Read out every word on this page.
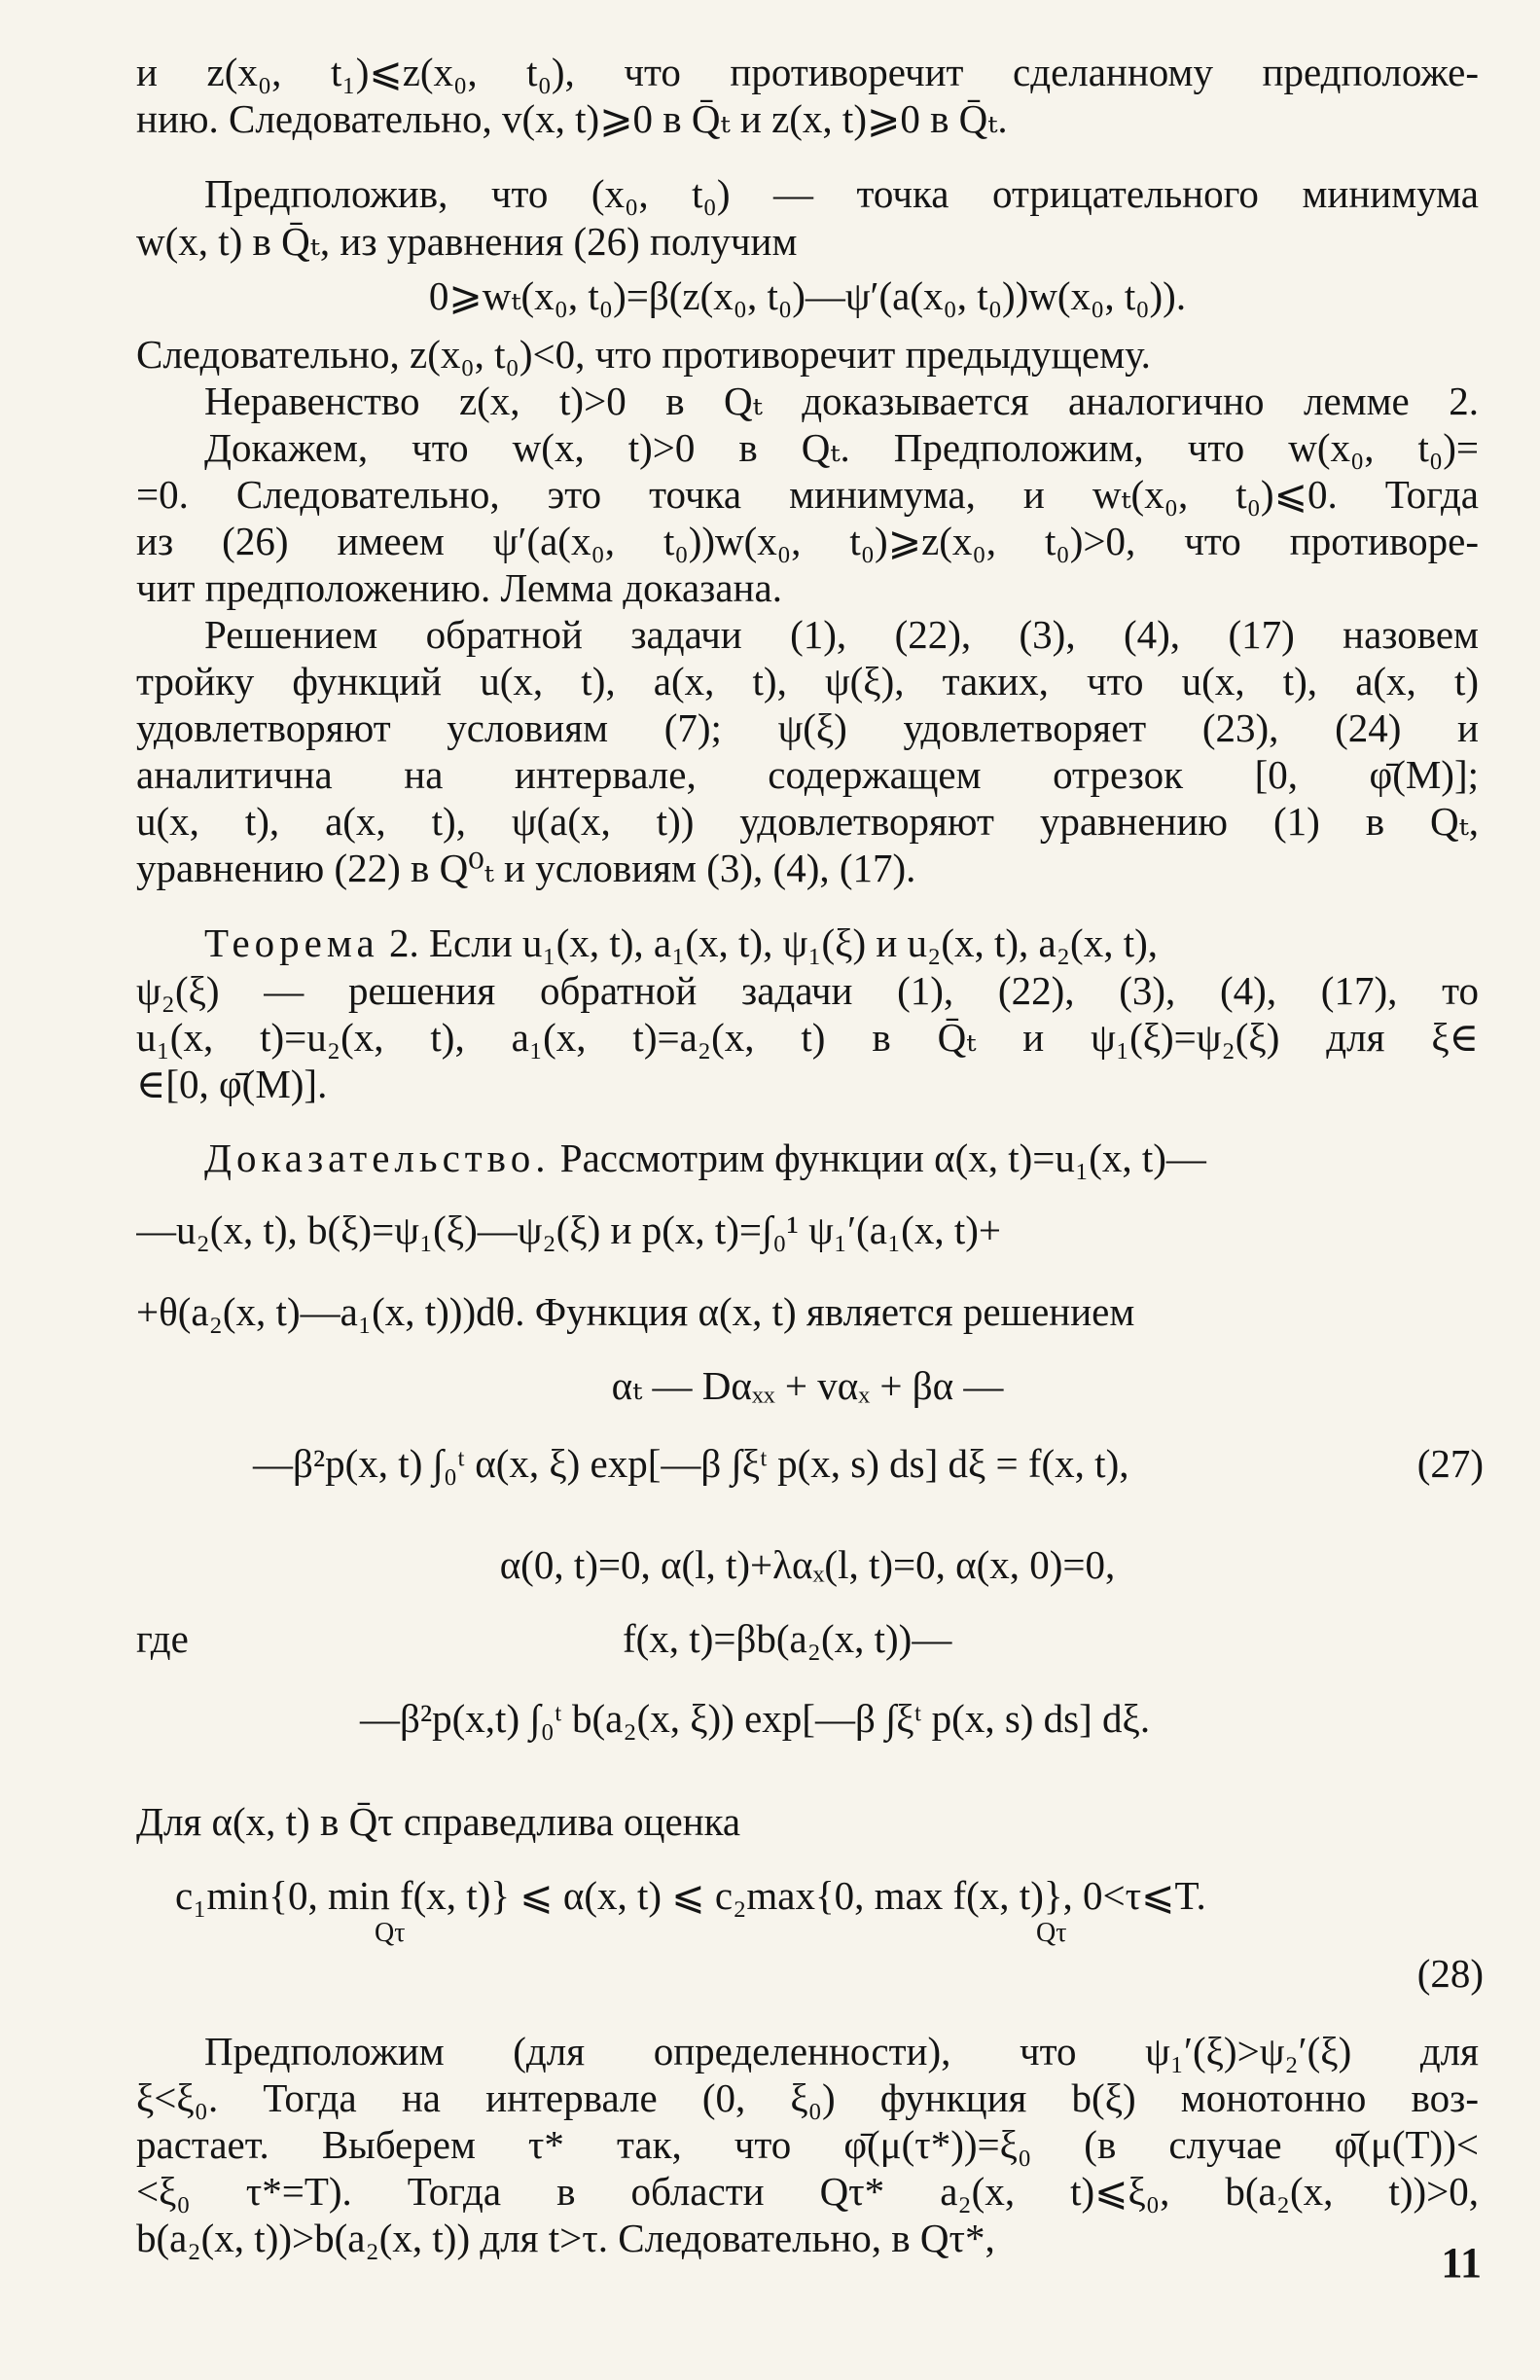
и z(x₀, t₁)⩽z(x₀, t₀), что противоречит сделанному предположе-
нию. Следовательно, v(x, t)⩾0 в Q̄ₜ и z(x, t)⩾0 в Q̄ₜ.
Предположив, что (x₀, t₀) — точка отрицательного минимума
w(x, t) в Q̄ₜ, из уравнения (26) получим
0⩾wₜ(x₀, t₀)=β(z(x₀, t₀)—ψ′(a(x₀, t₀))w(x₀, t₀)).
Следовательно, z(x₀, t₀)<0, что противоречит предыдущему.
Неравенство z(x, t)>0 в Qₜ доказывается аналогично лемме 2.
Докажем, что w(x, t)>0 в Qₜ. Предположим, что w(x₀, t₀)=
=0. Следовательно, это точка минимума, и wₜ(x₀, t₀)⩽0. Тогда
из (26) имеем ψ′(a(x₀, t₀))w(x₀, t₀)⩾z(x₀, t₀)>0, что противоре-
чит предположению. Лемма доказана.
Решением обратной задачи (1), (22), (3), (4), (17) назовем
тройку функций u(x, t), a(x, t), ψ(ξ), таких, что u(x, t), a(x, t)
удовлетворяют условиям (7); ψ(ξ) удовлетворяет (23), (24) и
аналитична на интервале, содержащем отрезок [0, φ̄(M)];
u(x, t), a(x, t), ψ(a(x, t)) удовлетворяют уравнению (1) в Qₜ,
уравнению (22) в Q⁰ₜ и условиям (3), (4), (17).
Теорема 2. Если u₁(x, t), a₁(x, t), ψ₁(ξ) и u₂(x, t), a₂(x, t),
ψ₂(ξ) — решения обратной задачи (1), (22), (3), (4), (17), то
u₁(x, t)=u₂(x, t), a₁(x, t)=a₂(x, t) в Q̄ₜ и ψ₁(ξ)=ψ₂(ξ) для ξ∈
∈[0, φ̄(M)].
Доказательство. Рассмотрим функции α(x, t)=u₁(x, t)—
—u₂(x, t), b(ξ)=ψ₁(ξ)—ψ₂(ξ) и p(x, t)=∫₀¹ ψ₁′(a₁(x, t)+
+θ(a₂(x, t)—a₁(x, t)))dθ. Функция α(x, t) является решением
αₜ — Dαₓₓ + vαₓ + βα —
—β²p(x, t) ∫₀ᵗ α(x, ξ) exp[—β ∫ξᵗ p(x, s) ds] dξ = f(x, t),	(27)
α(0, t)=0, α(l, t)+λαₓ(l, t)=0, α(x, 0)=0,
где	f(x, t)=βb(a₂(x, t))—
—β²p(x,t) ∫₀ᵗ b(a₂(x, ξ)) exp[—β ∫ξᵗ p(x, s) ds] dξ.
Для α(x, t) в Q̄τ справедлива оценка
c₁min{0, min f(x, t)} ⩽ α(x, t) ⩽ c₂max{0, max f(x, t)}, 0<τ⩽T.
Qτ	Qτ
(28)
Предположим (для определенности), что ψ₁′(ξ)>ψ₂′(ξ) для
ξ<ξ₀. Тогда на интервале (0, ξ₀) функция b(ξ) монотонно воз-
растает. Выберем τ* так, что φ̄(μ(τ*))=ξ₀ (в случае φ̄(μ(T))<
<ξ₀ τ*=T). Тогда в области Qτ* a₂(x, t)⩽ξ₀, b(a₂(x, t))>0,
b(a₂(x, t))>b(a₂(x, t)) для t>τ. Следовательно, в Qτ*,
11
